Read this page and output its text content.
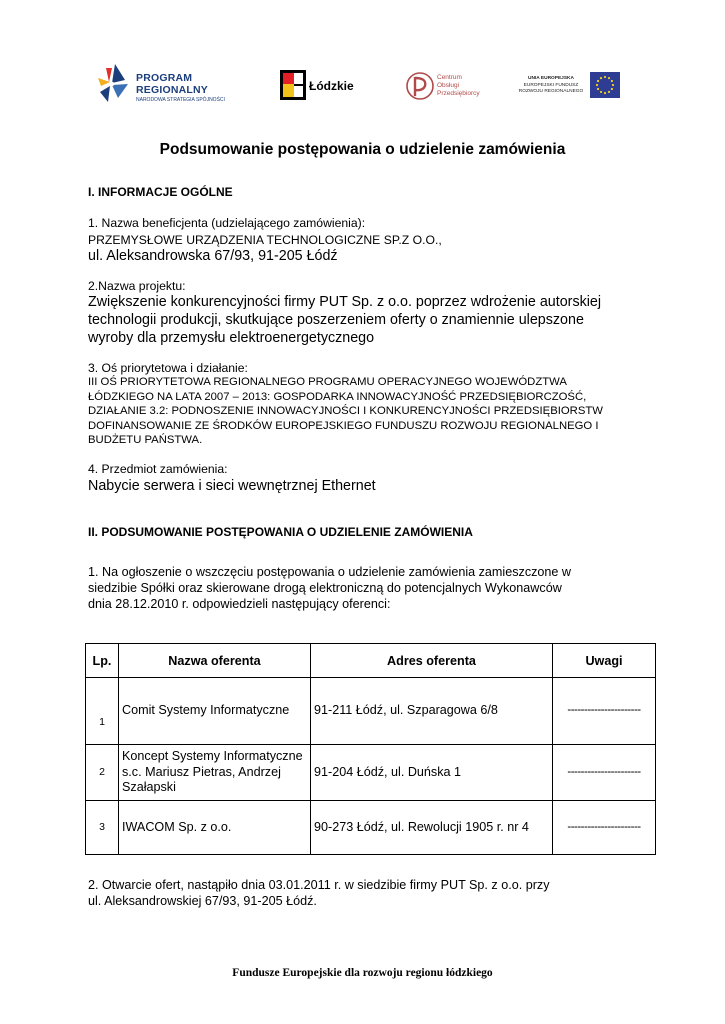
PROGRAM
REGIONALNY
NARODOWA STRATEGIA SPÓJNOŚCI
Łódzkie
Centrum
Obsługi
Przedsiębiorcy
UNIA EUROPEJSKA
EUROPEJSKI FUNDUSZ
ROZWOJU REGIONALNEGO
Podsumowanie postępowania o udzielenie zamówienia
I. INFORMACJE OGÓLNE
1. Nazwa beneficjenta (udzielającego zamówienia):
PRZEMYSŁOWE URZĄDZENIA TECHNOLOGICZNE SP.Z O.O.,
ul. Aleksandrowska 67/93, 91-205 Łódź
2.Nazwa projektu:
Zwiększenie konkurencyjności firmy PUT Sp. z o.o. poprzez wdrożenie autorskiej
technologii produkcji, skutkujące poszerzeniem oferty o znamiennie ulepszone
wyroby dla przemysłu elektroenergetycznego
3. Oś priorytetowa i działanie:
III OŚ PRIORYTETOWA REGIONALNEGO PROGRAMU OPERACYJNEGO WOJEWÓDZTWA
ŁÓDZKIEGO NA LATA 2007 – 2013: GOSPODARKA INNOWACYJNOŚĆ PRZEDSIĘBIORCZOŚĆ,
DZIAŁANIE 3.2: PODNOSZENIE INNOWACYJNOŚCI I KONKURENCYJNOŚCI PRZEDSIĘBIORSTW
DOFINANSOWANIE ZE ŚRODKÓW EUROPEJSKIEGO FUNDUSZU ROZWOJU REGIONALNEGO I
BUDŻETU PAŃSTWA.
4. Przedmiot zamówienia:
Nabycie serwera i sieci wewnętrznej Ethernet
II. PODSUMOWANIE POSTĘPOWANIA O UDZIELENIE ZAMÓWIENIA
1. Na ogłoszenie o wszczęciu postępowania o udzielenie zamówienia zamieszczone w
siedzibie Spółki oraz skierowane drogą elektroniczną do potencjalnych Wykonawców
dnia 28.12.2010 r. odpowiedzieli następujący oferenci:
Lp.	Nazwa oferenta	Adres oferenta	Uwagi
1	Comit Systemy Informatyczne	91-211 Łódź, ul. Szparagowa 6/8	----------------------
2	Koncept Systemy Informatyczne s.c. Mariusz Pietras, Andrzej Szałapski	91-204 Łódź, ul. Duńska 1	----------------------
3	IWACOM Sp. z o.o.	90-273 Łódź, ul. Rewolucji 1905 r. nr 4	----------------------
2. Otwarcie ofert, nastąpiło dnia 03.01.2011 r. w siedzibie firmy PUT Sp. z o.o. przy
ul. Aleksandrowskiej 67/93, 91-205 Łódź.
Fundusze Europejskie dla rozwoju regionu łódzkiego
